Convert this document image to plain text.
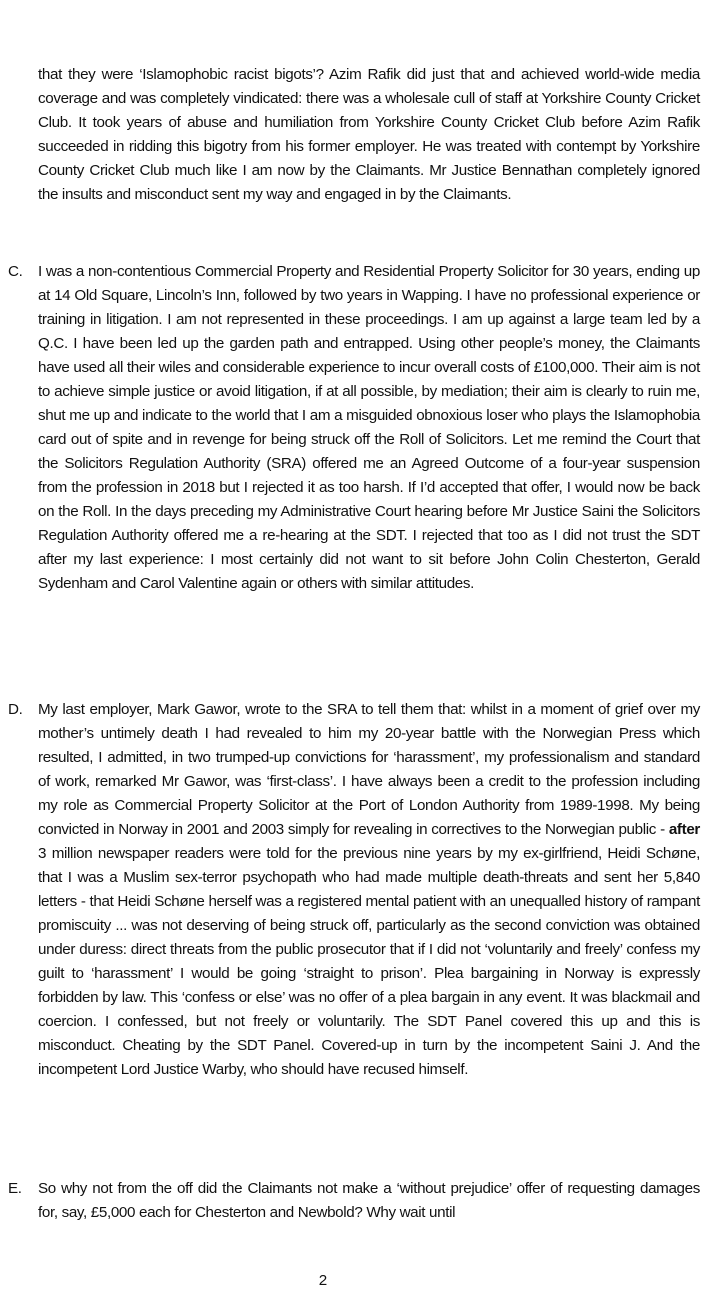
that they were ‘Islamophobic racist bigots’? Azim Rafik did just that and achieved world-wide media coverage and was completely vindicated: there was a wholesale cull of staff at Yorkshire County Cricket Club. It took years of abuse and humiliation from Yorkshire County Cricket Club before Azim Rafik succeeded in ridding this bigotry from his former employer. He was treated with contempt by Yorkshire County Cricket Club much like I am now by the Claimants. Mr Justice Bennathan completely ignored the insults and misconduct sent my way and engaged in by the Claimants.

C.	I was a non-contentious Commercial Property and Residential Property Solicitor for 30 years, ending up at 14 Old Square, Lincoln’s Inn, followed by two years in Wapping. I have no professional experience or training in litigation. I am not represented in these proceedings. I am up against a large team led by a Q.C. I have been led up the garden path and entrapped. Using other people’s money, the Claimants have used all their wiles and considerable experience to incur overall costs of £100,000. Their aim is not to achieve simple justice or avoid litigation, if at all possible, by mediation; their aim is clearly to ruin me, shut me up and indicate to the world that I am a misguided obnoxious loser who plays the Islamophobia card out of spite and in revenge for being struck off the Roll of Solicitors. Let me remind the Court that the Solicitors Regulation Authority (SRA) offered me an Agreed Outcome of a four-year suspension from the profession in 2018 but I rejected it as too harsh. If I’d accepted that offer, I would now be back on the Roll. In the days preceding my Administrative Court hearing before Mr Justice Saini the Solicitors Regulation Authority offered me a re-hearing at the SDT. I rejected that too as I did not trust the SDT after my last experience: I most certainly did not want to sit before John Colin Chesterton, Gerald Sydenham and Carol Valentine again or others with similar attitudes.

D.	My last employer, Mark Gawor, wrote to the SRA to tell them that: whilst in a moment of grief over my mother’s untimely death I had revealed to him my 20-year battle with the Norwegian Press which resulted, I admitted, in two trumped-up convictions for ‘harassment’, my professionalism and standard of work, remarked Mr Gawor, was ‘first-class’. I have always been a credit to the profession including my role as Commercial Property Solicitor at the Port of London Authority from 1989-1998. My being convicted in Norway in 2001 and 2003 simply for revealing in correctives to the Norwegian public - after 3 million newspaper readers were told for the previous nine years by my ex-girlfriend, Heidi Schøne, that I was a Muslim sex-terror psychopath who had made multiple death-threats and sent her 5,840 letters - that Heidi Schøne herself was a registered mental patient with an unequalled history of rampant promiscuity ... was not deserving of being struck off, particularly as the second conviction was obtained under duress: direct threats from the public prosecutor that if I did not ‘voluntarily and freely’ confess my guilt to ‘harassment’ I would be going ‘straight to prison’. Plea bargaining in Norway is expressly forbidden by law. This ‘confess or else’ was no offer of a plea bargain in any event. It was blackmail and coercion. I confessed, but not freely or voluntarily. The SDT Panel covered this up and this is misconduct. Cheating by the SDT Panel. Covered-up in turn by the incompetent Saini J. And the incompetent Lord Justice Warby, who should have recused himself.

E.	So why not from the off did the Claimants not make a ‘without prejudice’ offer of requesting damages for, say, £5,000 each for Chesterton and Newbold? Why wait until

2
